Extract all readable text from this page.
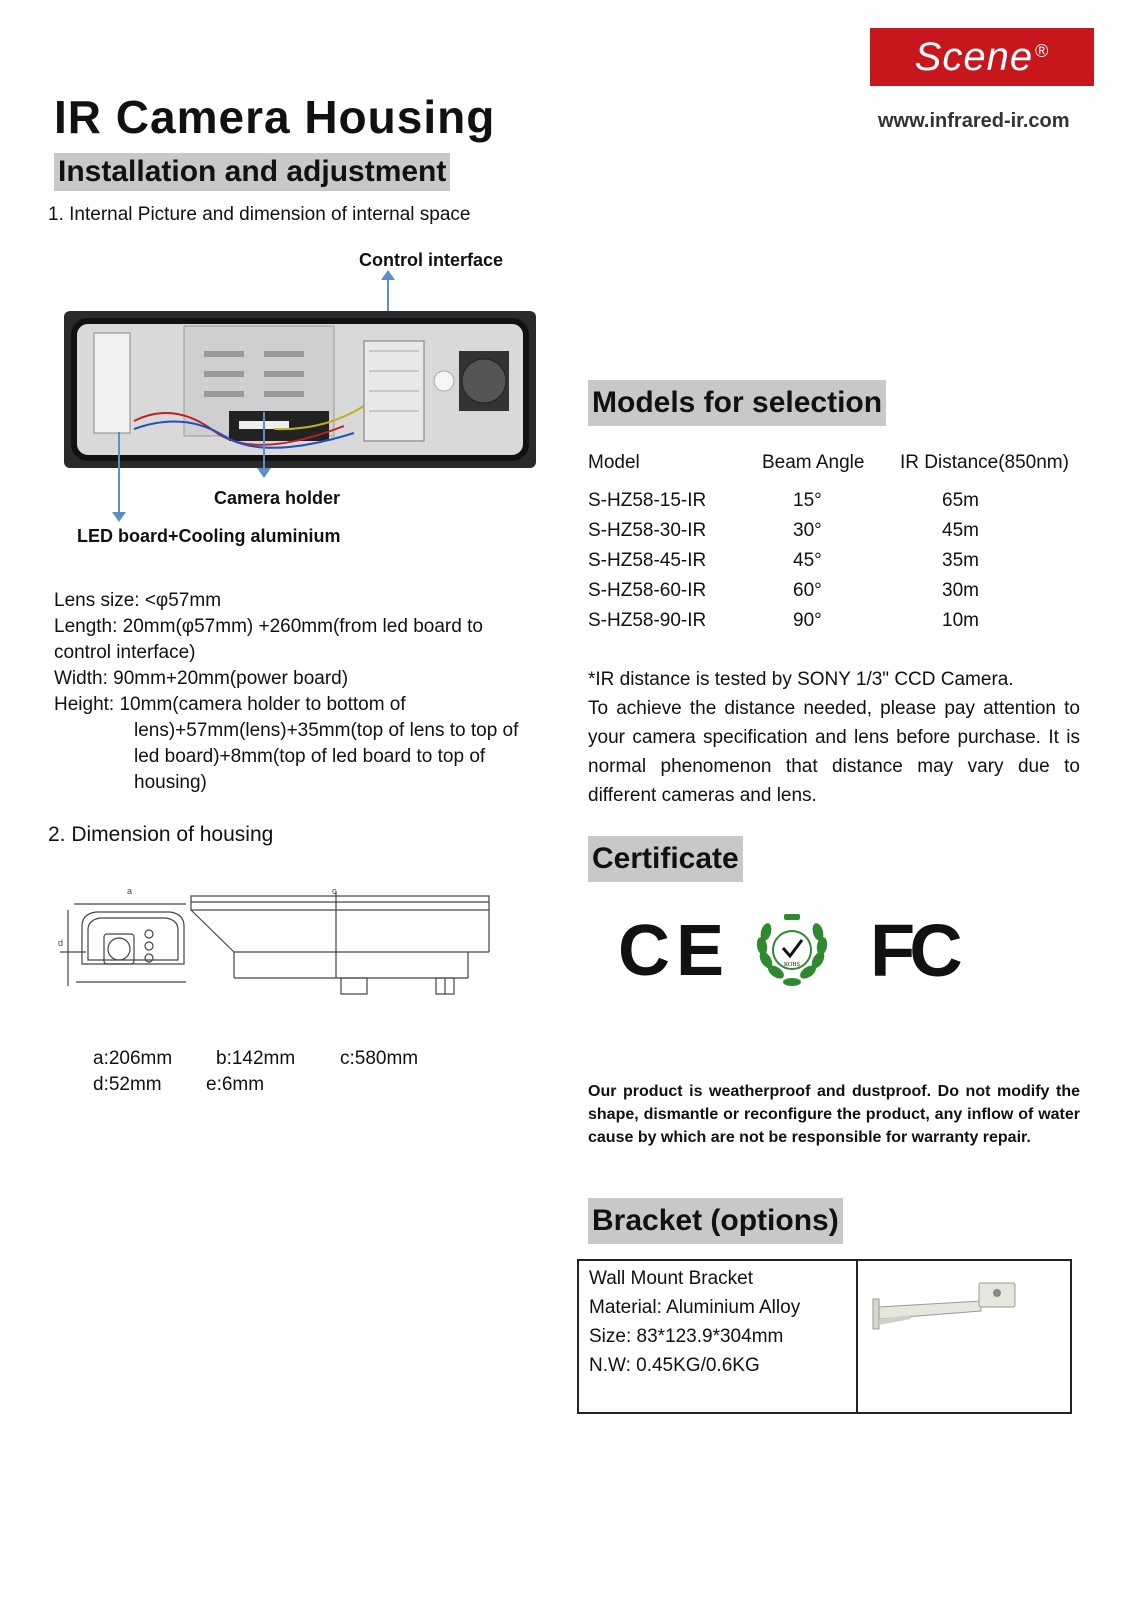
Scene ®
www.infrared-ir.com
IR Camera Housing
Installation and adjustment
1. Internal Picture and dimension of internal space
Control interface
Camera holder
LED board+Cooling aluminium
Lens size: <φ57mm
Length: 20mm(φ57mm) +260mm(from led board to
control interface)
Width: 90mm+20mm(power board)
Height: 10mm(camera holder to bottom of
lens)+57mm(lens)+35mm(top of lens to top of
led board)+8mm(top of led board to top of
housing)
2. Dimension of housing
a
d
c
a:206mm b:142mm c:580mm
d:52mm e:6mm
Models for selection
Model	Beam Angle IR Distance(850nm)
S-HZ58-15-IR	15°	65m
S-HZ58-30-IR	30°	45m
S-HZ58-45-IR	45°	35m
S-HZ58-60-IR	60°	30m
S-HZ58-90-IR	90°	10m
*IR distance is tested by SONY 1/3" CCD Camera.
To achieve the distance needed, please pay attention to your camera specification and lens before purchase. It is normal phenomenon that distance may vary due to different cameras and lens.
Certificate
CE	ROHS FC
Our product is weatherproof and dustproof. Do not modify the shape, dismantle or reconfigure the product, any inflow of water cause by which are not be responsible for warranty repair.
Bracket (options)
Wall Mount Bracket
Material: Aluminium Alloy
Size: 83*123.9*304mm
N.W: 0.45KG/0.6KG
